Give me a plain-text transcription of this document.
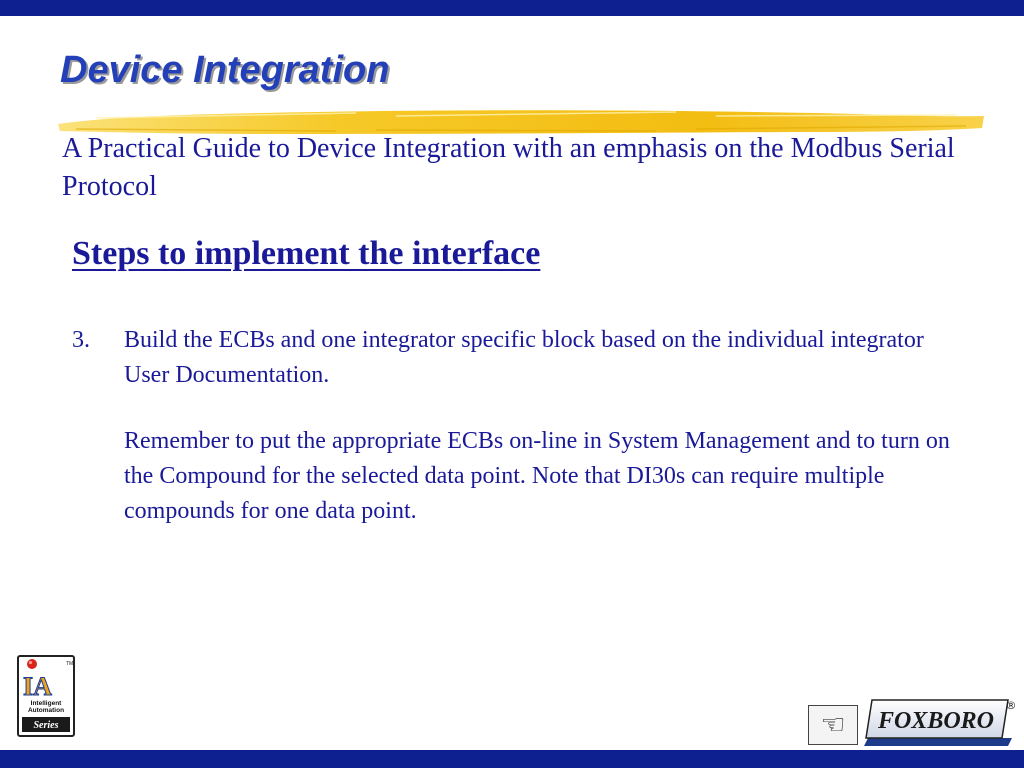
Device Integration

A Practical Guide to Device Integration with an emphasis on the Modbus Serial Protocol

Steps to implement the interface
3. Build the ECBs and one integrator specific block based on the individual integrator User Documentation.

Remember to put the appropriate ECBs on-line in System Management and to turn on the Compound for the selected data point. Note that DI30s can require multiple compounds for one data point.

TM
IA
Intelligent
Automation
Series	☜	FOXBORO
®
